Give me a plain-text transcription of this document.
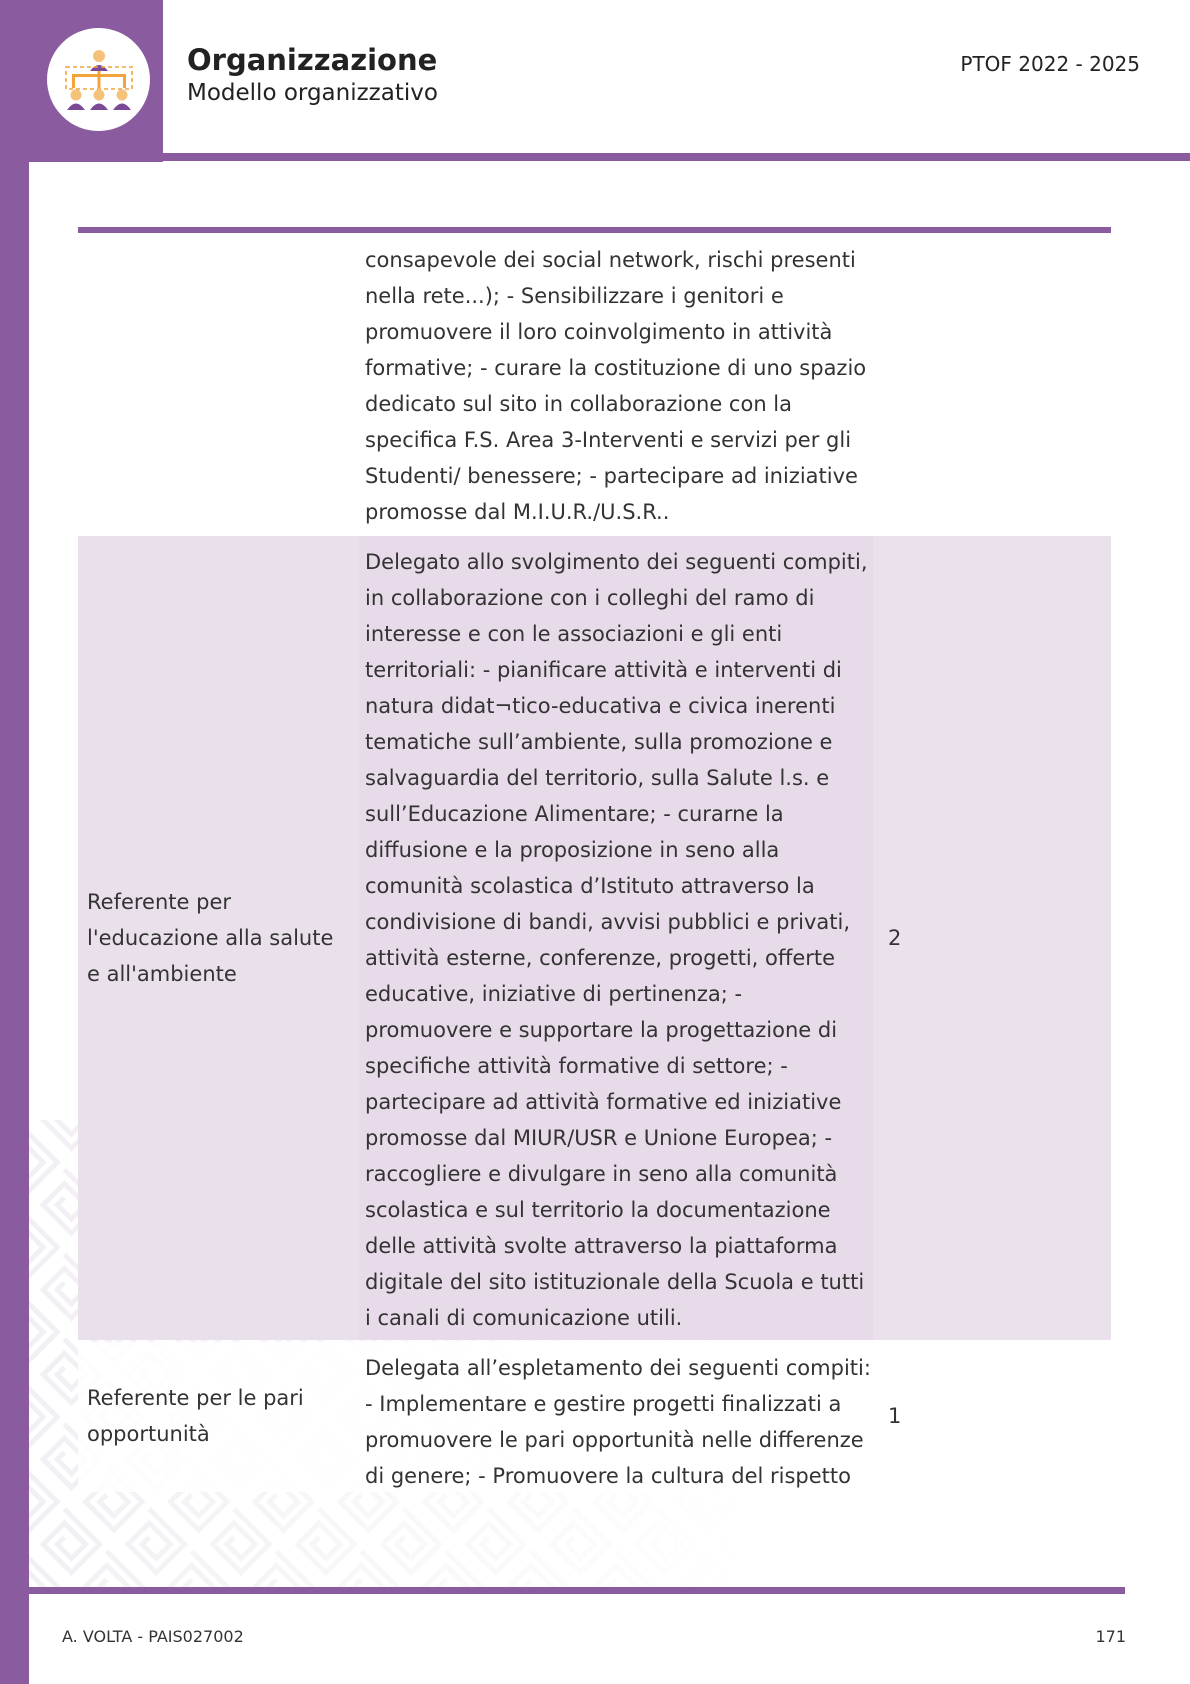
Organizzazione
Modello organizzativo
PTOF 2022 - 2025
consapevole dei social network, rischi presenti nella rete...); - Sensibilizzare i genitori e promuovere il loro coinvolgimento in attività formative; - curare la costituzione di uno spazio dedicato sul sito in collaborazione con la specifica F.S. Area 3-Interventi e servizi per gli Studenti/ benessere; - partecipare ad iniziative promosse dal M.I.U.R./U.S.R..
Referente per l'educazione alla salute e all'ambiente
Delegato allo svolgimento dei seguenti compiti, in collaborazione con i colleghi del ramo di interesse e con le associazioni e gli enti territoriali: - pianificare attività e interventi di natura didat¬tico-educativa e civica inerenti tematiche sull’ambiente, sulla promozione e salvaguardia del territorio, sulla Salute l.s. e sull’Educazione Alimentare; - curarne la diffusione e la proposizione in seno alla comunità scolastica d’Istituto attraverso la condivisione di bandi, avvisi pubblici e privati, attività esterne, conferenze, progetti, offerte educative, iniziative di pertinenza; - promuovere e supportare la progettazione di specifiche attività formative di settore; - partecipare ad attività formative ed iniziative promosse dal MIUR/USR e Unione Europea; - raccogliere e divulgare in seno alla comunità scolastica e sul territorio la documentazione delle attività svolte attraverso la piattaforma digitale del sito istituzionale della Scuola e tutti i canali di comunicazione utili.
2
Referente per le pari opportunità
Delegata all’espletamento dei seguenti compiti: - Implementare e gestire progetti finalizzati a promuovere le pari opportunità nelle differenze di genere; - Promuovere la cultura del rispetto
1
A. VOLTA - PAIS027002	171
